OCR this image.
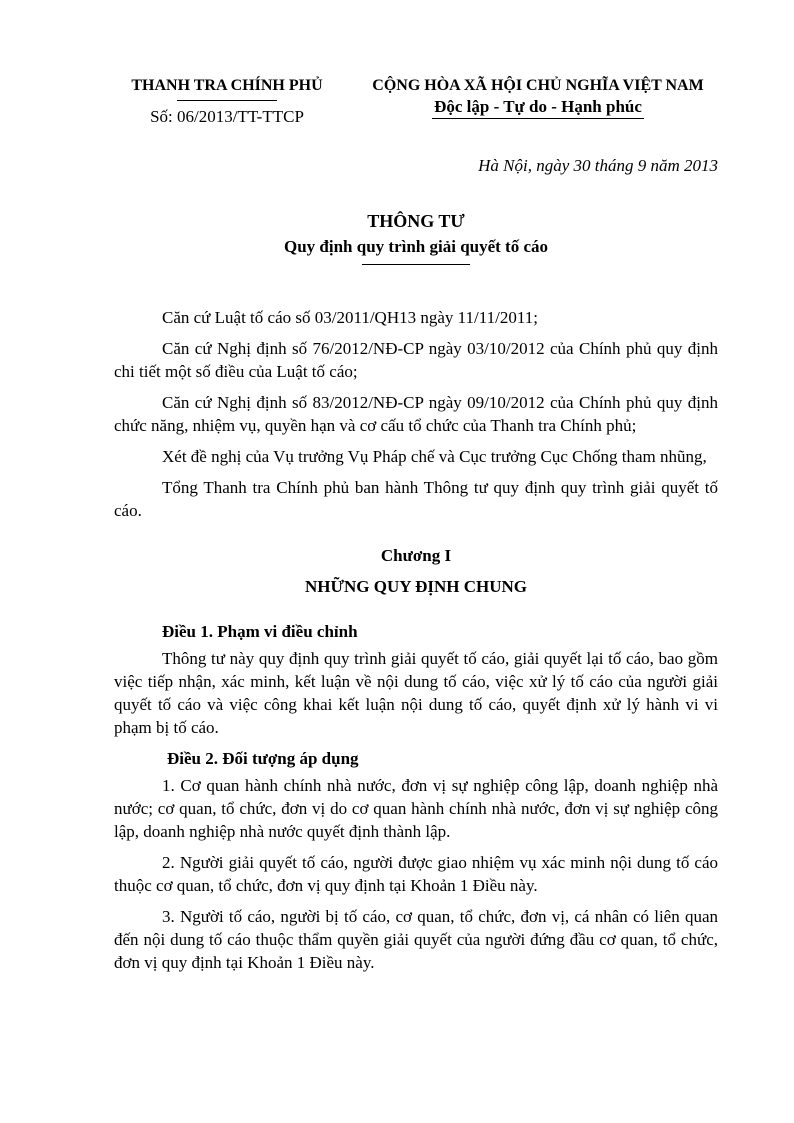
THANH TRA CHÍNH PHỦ
Số: 06/2013/TT-TTCP
CỘNG HÒA XÃ HỘI CHỦ NGHĨA VIỆT NAM
Độc lập - Tự do - Hạnh phúc
Hà Nội, ngày 30 tháng 9 năm 2013
THÔNG TƯ
Quy định quy trình giải quyết tố cáo

Căn cứ Luật tố cáo số 03/2011/QH13 ngày 11/11/2011;

Căn cứ Nghị định số 76/2012/NĐ-CP ngày 03/10/2012 của Chính phủ quy định chi tiết một số điều của Luật tố cáo;

Căn cứ Nghị định số 83/2012/NĐ-CP ngày 09/10/2012 của Chính phủ quy định chức năng, nhiệm vụ, quyền hạn và cơ cấu tổ chức của Thanh tra Chính phủ;

Xét đề nghị của Vụ trưởng Vụ Pháp chế và Cục trưởng Cục Chống tham nhũng,

Tổng Thanh tra Chính phủ ban hành Thông tư quy định quy trình giải quyết tố cáo.

Chương I
NHỮNG QUY ĐỊNH CHUNG
Điều 1. Phạm vi điều chỉnh

Thông tư này quy định quy trình giải quyết tố cáo, giải quyết lại tố cáo, bao gồm việc tiếp nhận, xác minh, kết luận về nội dung tố cáo, việc xử lý tố cáo của người giải quyết tố cáo và việc công khai kết luận nội dung tố cáo, quyết định xử lý hành vi vi phạm bị tố cáo.

Điều 2. Đối tượng áp dụng

1. Cơ quan hành chính nhà nước, đơn vị sự nghiệp công lập, doanh nghiệp nhà nước; cơ quan, tổ chức, đơn vị do cơ quan hành chính nhà nước, đơn vị sự nghiệp công lập, doanh nghiệp nhà nước quyết định thành lập.

2. Người giải quyết tố cáo, người được giao nhiệm vụ xác minh nội dung tố cáo thuộc cơ quan, tổ chức, đơn vị quy định tại Khoản 1 Điều này.

3. Người tố cáo, người bị tố cáo, cơ quan, tổ chức, đơn vị, cá nhân có liên quan đến nội dung tố cáo thuộc thẩm quyền giải quyết của người đứng đầu cơ quan, tổ chức, đơn vị quy định tại Khoản 1 Điều này.
